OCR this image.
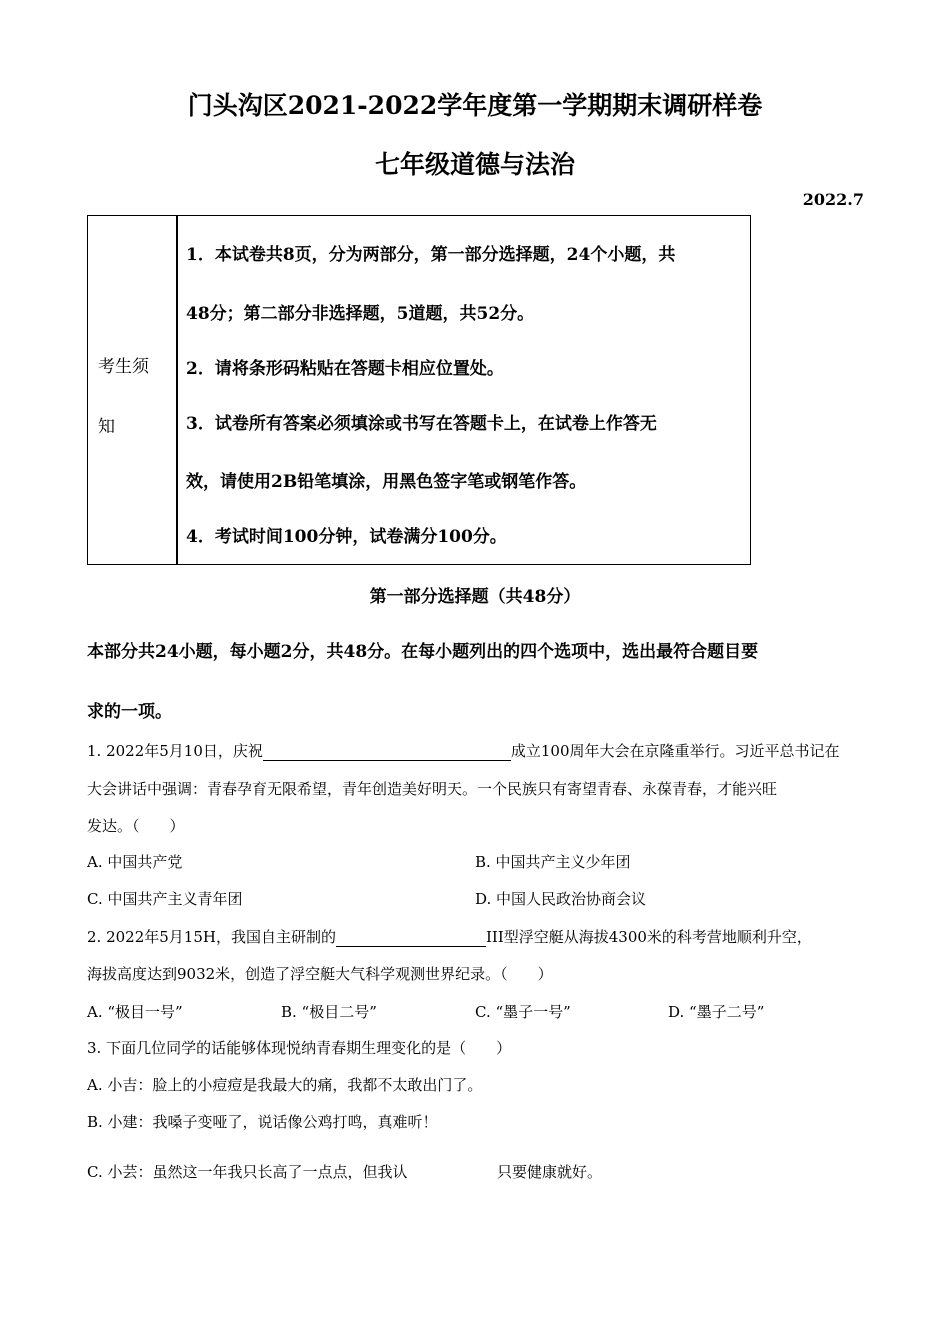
门头沟区2021-2022学年度第一学期期末调研样卷
七年级道德与法治
2022.7
考生须
知
1．本试卷共8页，分为两部分，第一部分选择题，24个小题，共
48分；第二部分非选择题，5道题，共52分。
2．请将条形码粘贴在答题卡相应位置处。
3．试卷所有答案必须填涂或书写在答题卡上，在试卷上作答无
效，请使用2B铅笔填涂，用黑色签字笔或钢笔作答。
4．考试时间100分钟，试卷满分100分。
第一部分选择题（共48分）
本部分共24小题，每小题2分，共48分。在每小题列出的四个选项中，选出最符合题目要
求的一项。
1. 2022年5月10日，庆祝	成立100周年大会在京隆重举行。习近平总书记在
大会讲话中强调：青春孕育无限希望，青年创造美好明天。一个民族只有寄望青春、永葆青春，才能兴旺
发达。（　　）
A. 中国共产党	B. 中国共产主义少年团
C. 中国共产主义青年团	D. 中国人民政治协商会议
2. 2022年5月15H，我国自主研制的	III型浮空艇从海拔4300米的科考营地顺利升空，
海拔高度达到9032米，创造了浮空艇大气科学观测世界纪录。（　　）
A. “极目一号”	B. “极目二号”	C. “墨子一号”	D. “墨子二号”
3. 下面几位同学的话能够体现悦纳青春期生理变化的是（　　）
A. 小吉：脸上的小痘痘是我最大的痛，我都不太敢出门了。
B. 小建：我嗓子变哑了，说话像公鸡打鸣，真难听！
C. 小芸：虽然这一年我只长高了一点点，但我认	只要健康就好。
